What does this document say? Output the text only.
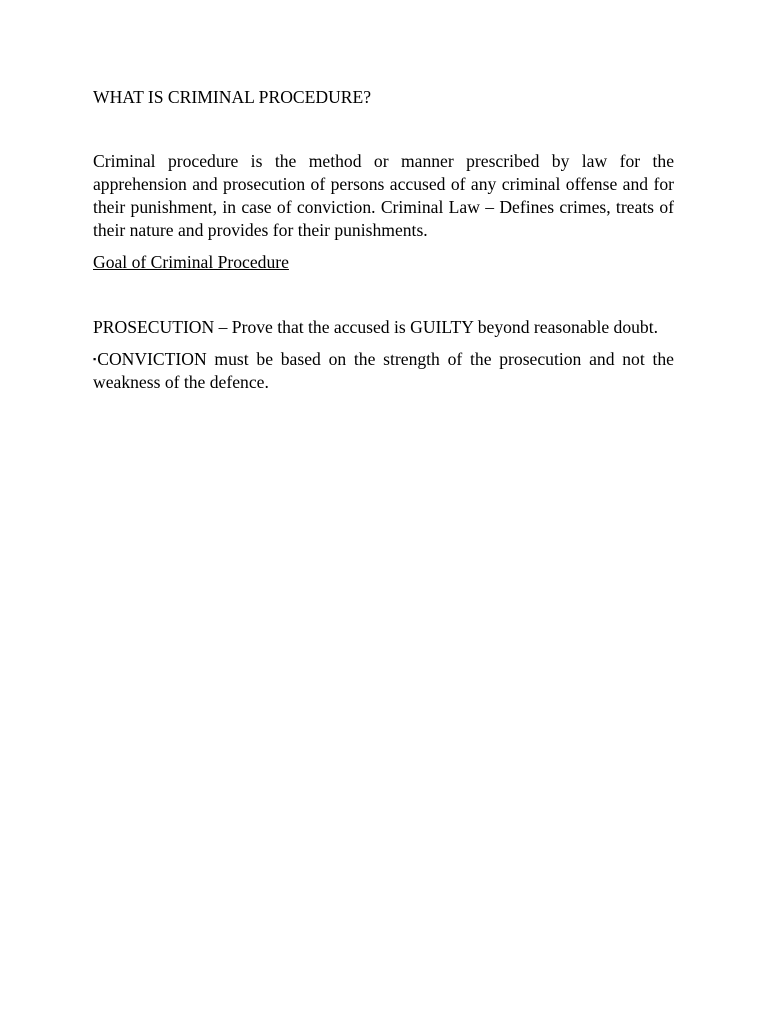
WHAT IS CRIMINAL PROCEDURE?

Criminal procedure is the method or manner prescribed by law for the apprehension and prosecution of persons accused of any criminal offense and for their punishment, in case of conviction. Criminal Law – Defines crimes, treats of their nature and provides for their punishments.

Goal of Criminal Procedure

PROSECUTION – Prove that the accused is GUILTY beyond reasonable doubt.

▪CONVICTION must be based on the strength of the prosecution and not the weakness of the defence.
